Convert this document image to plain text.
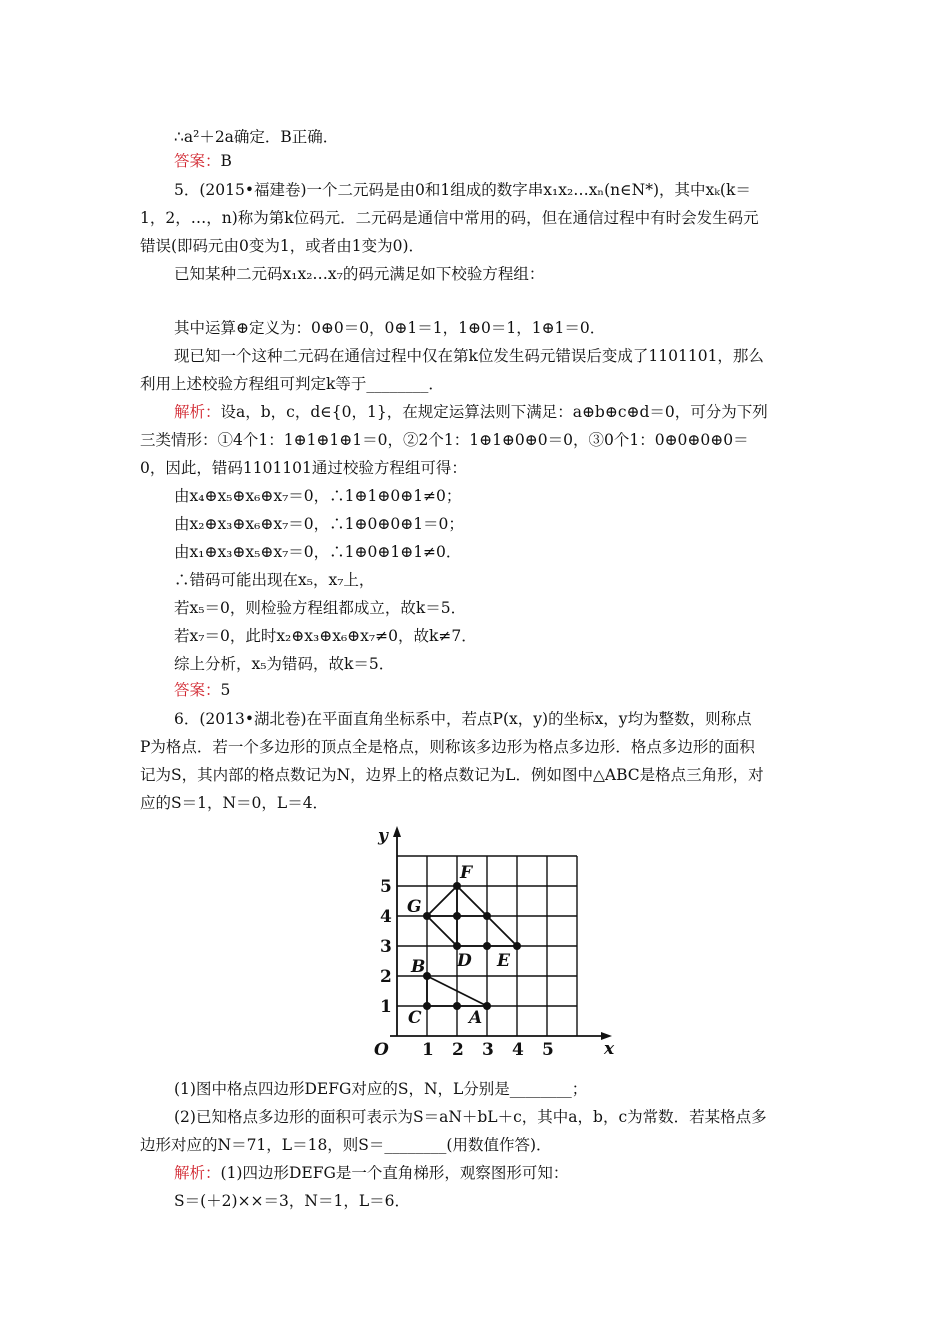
∴a²＋2a确定．B正确．
答案：B
5．(2015•福建卷)一个二元码是由0和1组成的数字串x₁x₂…xₙ(n∈N*)，其中xₖ(k＝
1，2，…，n)称为第k位码元．二元码是通信中常用的码，但在通信过程中有时会发生码元
错误(即码元由0变为1，或者由1变为0)．
已知某种二元码x₁x₂…x₇的码元满足如下校验方程组：
其中运算⊕定义为：0⊕0＝0，0⊕1＝1，1⊕0＝1，1⊕1＝0．
现已知一个这种二元码在通信过程中仅在第k位发生码元错误后变成了1101101，那么
利用上述校验方程组可判定k等于________．
解析：设a，b，c，d∈{0，1}，在规定运算法则下满足：a⊕b⊕c⊕d＝0，可分为下列
三类情形：①4个1：1⊕1⊕1⊕1＝0，②2个1：1⊕1⊕0⊕0＝0，③0个1：0⊕0⊕0⊕0＝
0，因此，错码1101101通过校验方程组可得：
由x₄⊕x₅⊕x₆⊕x₇＝0，∴1⊕1⊕0⊕1≠0；
由x₂⊕x₃⊕x₆⊕x₇＝0，∴1⊕0⊕0⊕1＝0；
由x₁⊕x₃⊕x₅⊕x₇＝0，∴1⊕0⊕1⊕1≠0．
∴错码可能出现在x₅，x₇上，
若x₅＝0，则检验方程组都成立，故k＝5．
若x₇＝0，此时x₂⊕x₃⊕x₆⊕x₇≠0，故k≠7．
综上分析，x₅为错码，故k＝5．
答案：5
6．(2013•湖北卷)在平面直角坐标系中，若点P(x，y)的坐标x，y均为整数，则称点
P为格点．若一个多边形的顶点全是格点，则称该多边形为格点多边形．格点多边形的面积
记为S，其内部的格点数记为N，边界上的格点数记为L．例如图中△ABC是格点三角形，对
应的S＝1，N＝0，L＝4．
y
x
O 1 2 3 4 5
1
2
3
4
5
F
G
D E
B
C	A
(1)图中格点四边形DEFG对应的S，N，L分别是________；
(2)已知格点多边形的面积可表示为S＝aN＋bL＋c，其中a，b，c为常数．若某格点多
边形对应的N＝71，L＝18，则S＝________(用数值作答)．
解析：(1)四边形DEFG是一个直角梯形，观察图形可知：
S＝(＋2)××＝3，N＝1，L＝6．
